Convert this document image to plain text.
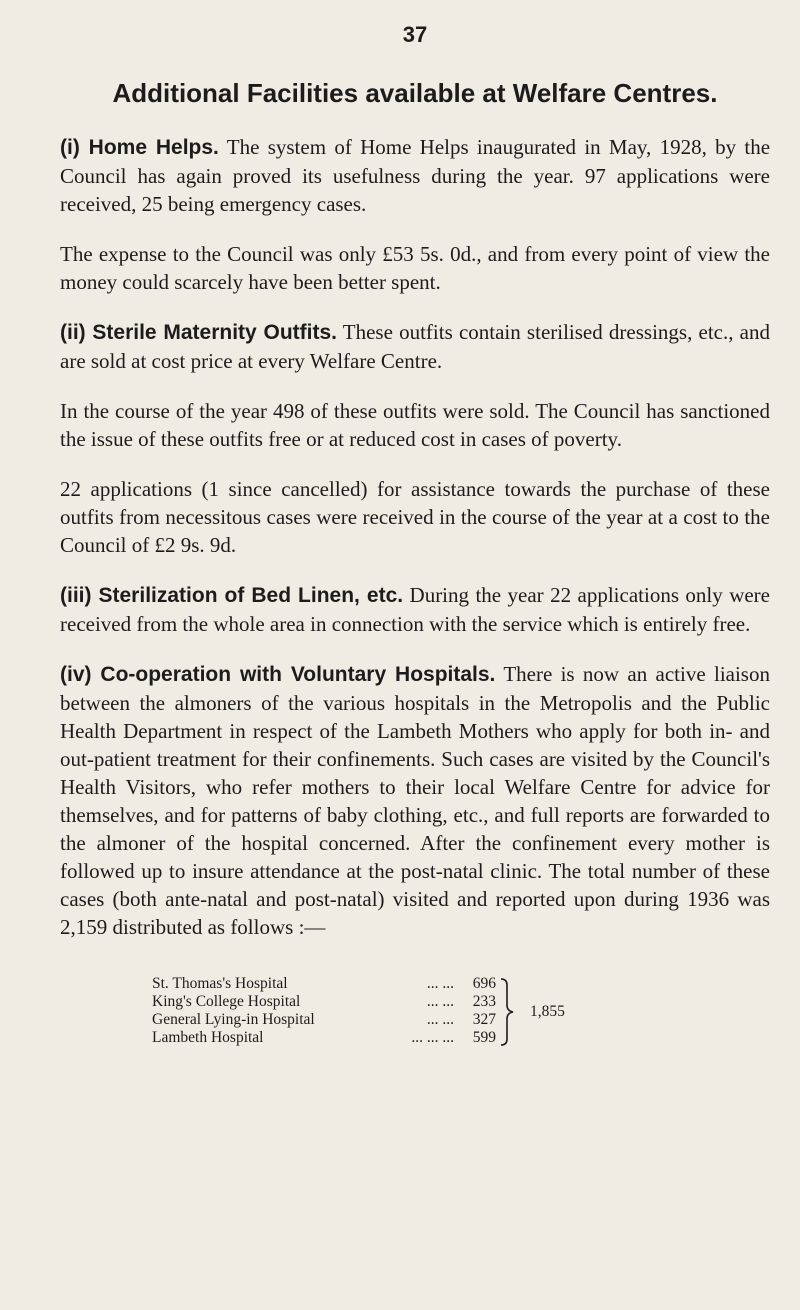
37
Additional Facilities available at Welfare Centres.

(i) Home Helps. The system of Home Helps inaugurated in May, 1928, by the Council has again proved its usefulness during the year. 97 applications were received, 25 being emergency cases.

The expense to the Council was only £53 5s. 0d., and from every point of view the money could scarcely have been better spent.

(ii) Sterile Maternity Outfits. These outfits contain sterilised dressings, etc., and are sold at cost price at every Welfare Centre.

In the course of the year 498 of these outfits were sold. The Council has sanctioned the issue of these outfits free or at reduced cost in cases of poverty.

22 applications (1 since cancelled) for assistance towards the purchase of these outfits from necessitous cases were received in the course of the year at a cost to the Council of £2 9s. 9d.

(iii) Sterilization of Bed Linen, etc. During the year 22 applications only were received from the whole area in connection with the service which is entirely free.

(iv) Co-operation with Voluntary Hospitals. There is now an active liaison between the almoners of the various hospitals in the Metropolis and the Public Health Department in respect of the Lambeth Mothers who apply for both in- and out-patient treatment for their confinements. Such cases are visited by the Council's Health Visitors, who refer mothers to their local Welfare Centre for advice for themselves, and for patterns of baby clothing, etc., and full reports are forwarded to the almoner of the hospital concerned. After the confinement every mother is followed up to insure attendance at the post-natal clinic. The total number of these cases (both ante-natal and post-natal) visited and reported upon during 1936 was 2,159 distributed as follows :—

St. Thomas's Hospital	... ...	696
King's College Hospital	... ...	233
General Lying-in Hospital	... ...	327
Lambeth Hospital	... ... ...	599
1,855
